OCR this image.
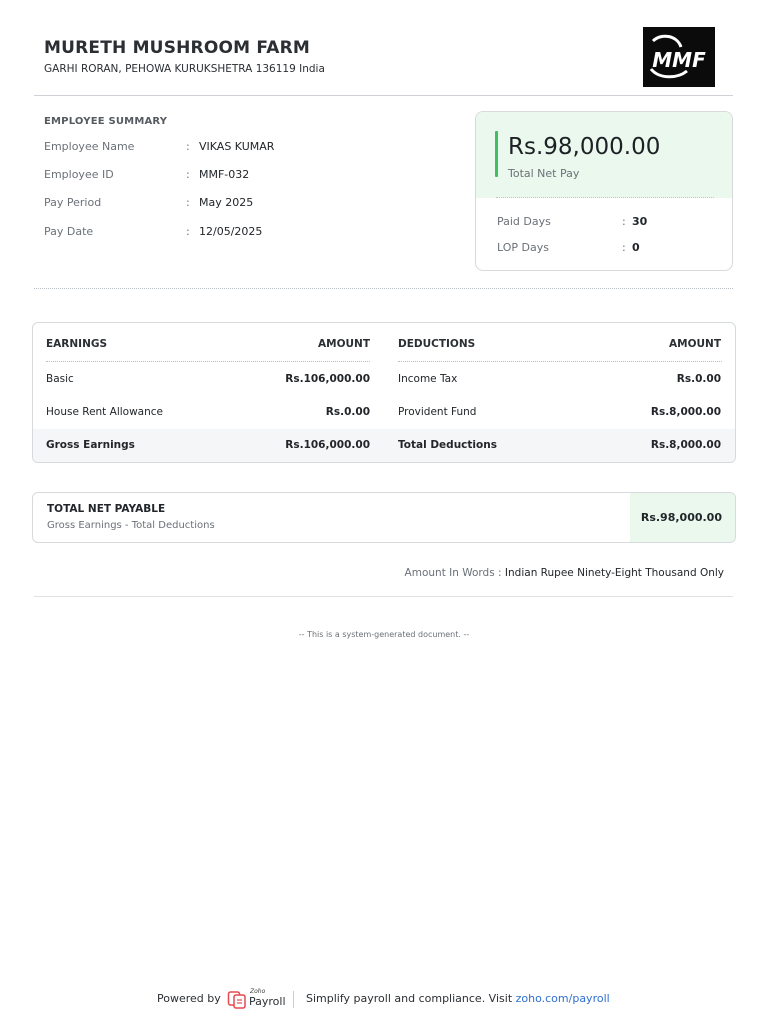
MURETH MUSHROOM FARM
GARHI RORAN, PEHOWA KURUKSHETRA 136119 India	MMF
EMPLOYEE SUMMARY
Employee Name	: VIKAS KUMAR
Employee ID	: MMF-032
Pay Period	: May 2025
Pay Date	: 12/05/2025
Rs.98,000.00
Total Net Pay
Paid Days	: 30
LOP Days	: 0
EARNINGS	AMOUNT	DEDUCTIONS	AMOUNT
Basic	Rs.106,000.00	Income Tax	Rs.0.00
House Rent Allowance	Rs.0.00	Provident Fund	Rs.8,000.00
Gross Earnings	Rs.106,000.00	Total Deductions	Rs.8,000.00
TOTAL NET PAYABLE
Gross Earnings - Total Deductions
Rs.98,000.00
Amount In Words : Indian Rupee Ninety-Eight Thousand Only
-- This is a system-generated document. --
Powered by
Zoho
Payroll Simplify payroll and compliance. Visit zoho.com/payroll
